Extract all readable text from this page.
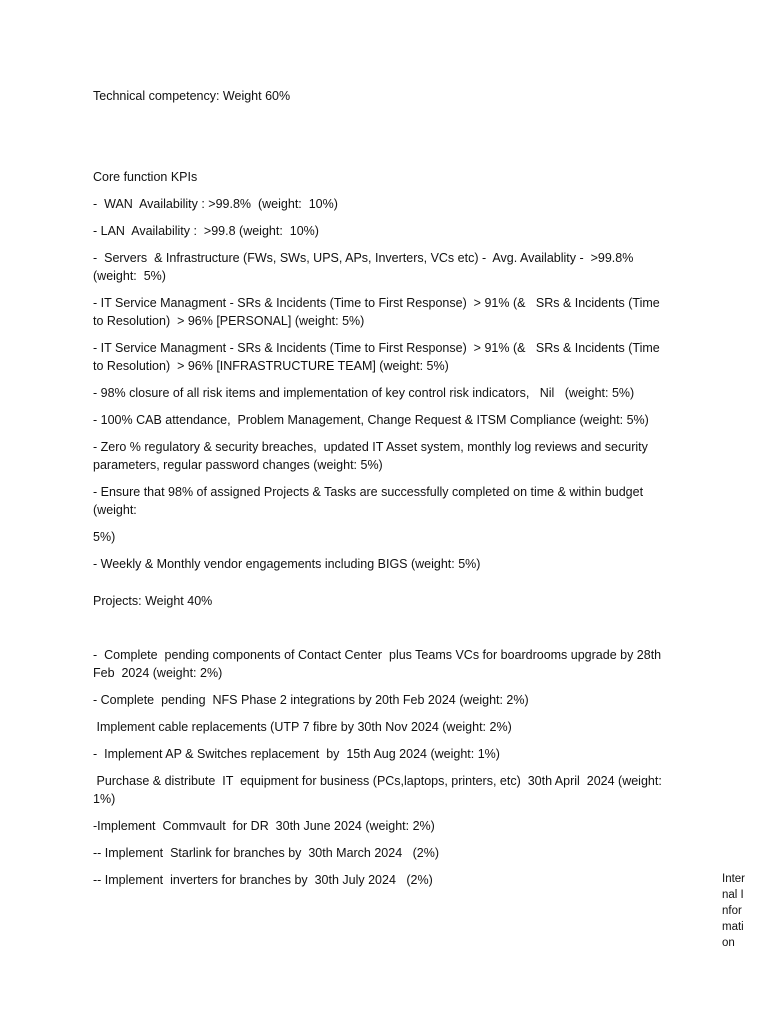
Technical competency: Weight 60%

Core function KPIs

-  WAN  Availability : >99.8%  (weight:  10%)

- LAN  Availability :  >99.8 (weight:  10%)

-  Servers  & Infrastructure (FWs, SWs, UPS, APs, Inverters, VCs etc) -  Avg. Availablity -  >99.8% (weight:  5%)

- IT Service Managment - SRs & Incidents (Time to First Response)  > 91% (&   SRs & Incidents (Time to Resolution)  > 96% [PERSONAL] (weight: 5%)

- IT Service Managment - SRs & Incidents (Time to First Response)  > 91% (&   SRs & Incidents (Time to Resolution)  > 96% [INFRASTRUCTURE TEAM] (weight: 5%)

- 98% closure of all risk items and implementation of key control risk indicators,   Nil   (weight: 5%)

- 100% CAB attendance,  Problem Management, Change Request & ITSM Compliance (weight: 5%)

- Zero % regulatory & security breaches,  updated IT Asset system, monthly log reviews and security parameters, regular password changes (weight: 5%)

- Ensure that 98% of assigned Projects & Tasks are successfully completed on time & within budget (weight:

5%)

- Weekly & Monthly vendor engagements including BIGS (weight: 5%)

Projects: Weight 40%

-  Complete  pending components of Contact Center  plus Teams VCs for boardrooms upgrade by 28th Feb  2024 (weight: 2%)

- Complete  pending  NFS Phase 2 integrations by 20th Feb 2024 (weight: 2%)

Implement cable replacements (UTP 7 fibre by 30th Nov 2024 (weight: 2%)

-  Implement AP & Switches replacement  by  15th Aug 2024 (weight: 1%)

Purchase & distribute  IT  equipment for business (PCs,laptops, printers, etc)  30th April  2024 (weight: 1%)

-Implement  Commvault  for DR  30th June 2024 (weight: 2%)

-- Implement  Starlink for branches by  30th March 2024   (2%)

-- Implement  inverters for branches by  30th July 2024   (2%)	Internal Information
